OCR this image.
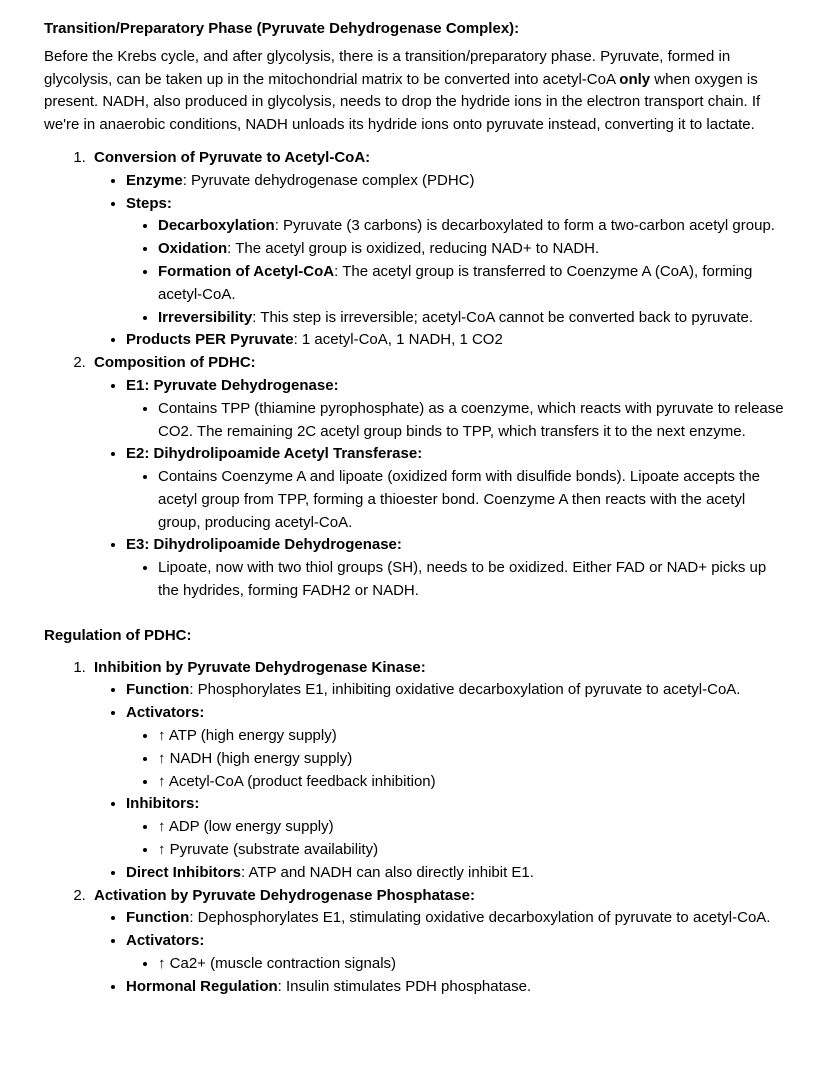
Transition/Preparatory Phase (Pyruvate Dehydrogenase Complex):

Before the Krebs cycle, and after glycolysis, there is a transition/preparatory phase. Pyruvate, formed in glycolysis, can be taken up in the mitochondrial matrix to be converted into acetyl-CoA only when oxygen is present. NADH, also produced in glycolysis, needs to drop the hydride ions in the electron transport chain. If we're in anaerobic conditions, NADH unloads its hydride ions onto pyruvate instead, converting it to lactate.

1. Conversion of Pyruvate to Acetyl-CoA:
• Enzyme: Pyruvate dehydrogenase complex (PDHC)
• Steps:
• Decarboxylation: Pyruvate (3 carbons) is decarboxylated to form a two-carbon acetyl group.
• Oxidation: The acetyl group is oxidized, reducing NAD+ to NADH.
• Formation of Acetyl-CoA: The acetyl group is transferred to Coenzyme A (CoA), forming acetyl-CoA.
• Irreversibility: This step is irreversible; acetyl-CoA cannot be converted back to pyruvate.
• Products PER Pyruvate: 1 acetyl-CoA, 1 NADH, 1 CO2
2. Composition of PDHC:
• E1: Pyruvate Dehydrogenase:
• Contains TPP (thiamine pyrophosphate) as a coenzyme, which reacts with pyruvate to release CO2. The remaining 2C acetyl group binds to TPP, which transfers it to the next enzyme.
• E2: Dihydrolipoamide Acetyl Transferase:
• Contains Coenzyme A and lipoate (oxidized form with disulfide bonds). Lipoate accepts the acetyl group from TPP, forming a thioester bond. Coenzyme A then reacts with the acetyl group, producing acetyl-CoA.
• E3: Dihydrolipoamide Dehydrogenase:
• Lipoate, now with two thiol groups (SH), needs to be oxidized. Either FAD or NAD+ picks up the hydrides, forming FADH2 or NADH.
Regulation of PDHC:
1. Inhibition by Pyruvate Dehydrogenase Kinase:
• Function: Phosphorylates E1, inhibiting oxidative decarboxylation of pyruvate to acetyl-CoA.
• Activators:
• ↑ ATP (high energy supply)
• ↑ NADH (high energy supply)
• ↑ Acetyl-CoA (product feedback inhibition)
• Inhibitors:
• ↑ ADP (low energy supply)
• ↑ Pyruvate (substrate availability)
• Direct Inhibitors: ATP and NADH can also directly inhibit E1.
2. Activation by Pyruvate Dehydrogenase Phosphatase:
• Function: Dephosphorylates E1, stimulating oxidative decarboxylation of pyruvate to acetyl-CoA.
• Activators:
• ↑ Ca2+ (muscle contraction signals)
• Hormonal Regulation: Insulin stimulates PDH phosphatase.
